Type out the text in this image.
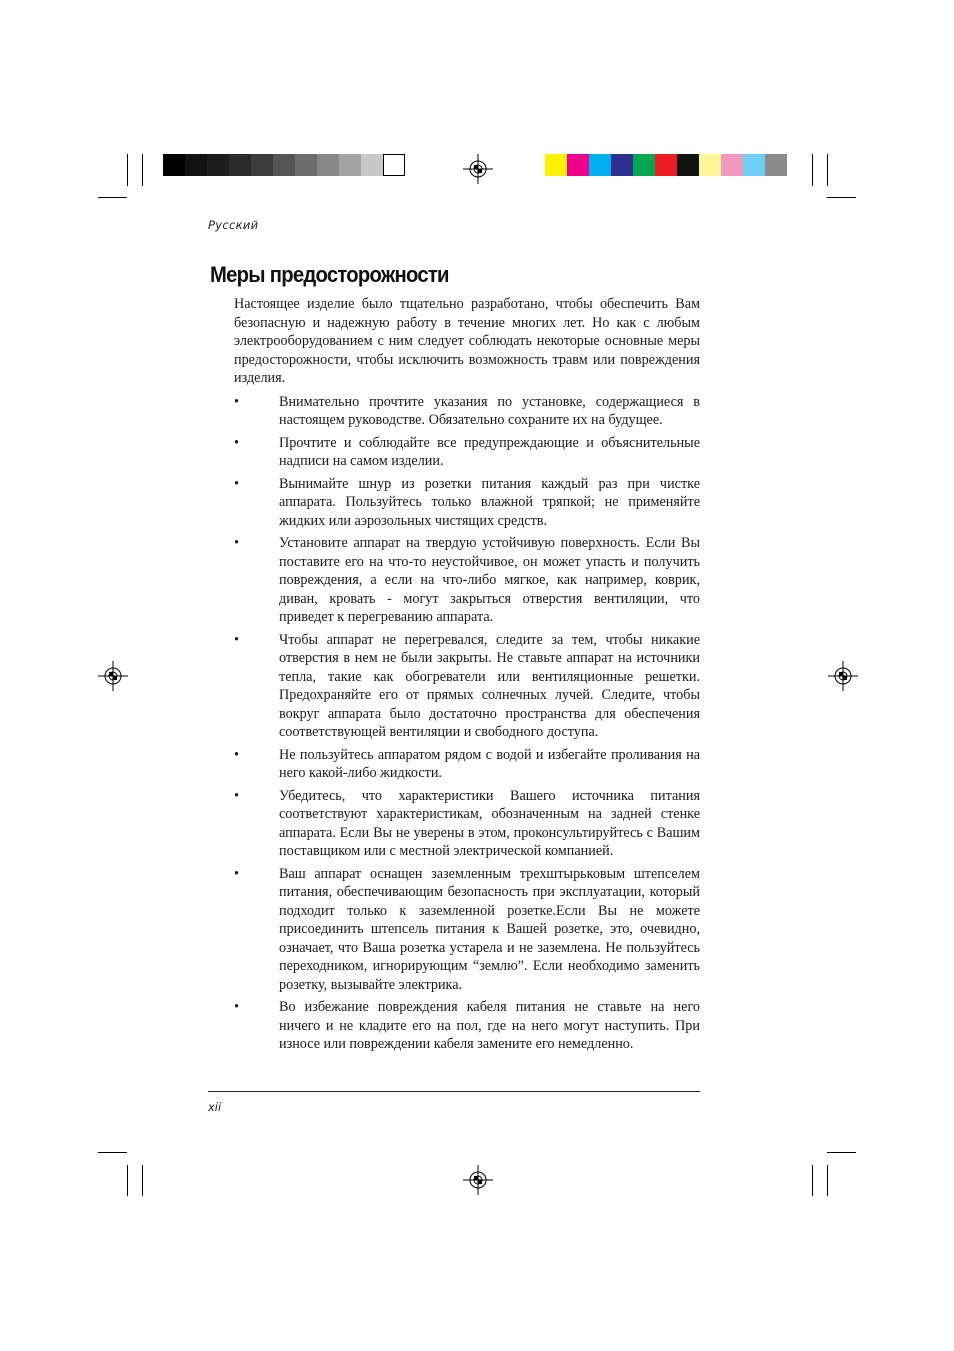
Русский
Меры предосторожности

Настоящее изделие было тщательно разработано, чтобы обеспечить Вам безопасную и надежную работу в течение многих лет. Но как с любым электрооборудованием с ним следует соблюдать некоторые основные меры предосторожности, чтобы исключить возможность травм или повреждения изделия.

•	Внимательно прочтите указания по установке, содержащиеся в настоящем руководстве. Обязательно сохраните их на будущее.
•	Прочтите и соблюдайте все предупреждающие и объяснительные надписи на самом изделии.
•	Вынимайте шнур из розетки питания каждый раз при чистке аппарата. Пользуйтесь только влажной тряпкой; не применяйте жидких или аэрозольных чистящих средств.
•	Установите аппарат на твердую устойчивую поверхность. Если Вы поставите его на что-то неустойчивое, он может упасть и получить повреждения, а если на что-либо мягкое, как например, коврик, диван, кровать - могут закрыться отверстия вентиляции, что приведет к перегреванию аппарата.
•	Чтобы аппарат не перегревался, следите за тем, чтобы никакие отверстия в нем не были закрыты. Не ставьте аппарат на источники тепла, такие как обогреватели или вентиляционные решетки. Предохраняйте его от прямых солнечных лучей. Следите, чтобы вокруг аппарата было достаточно пространства для обеспечения соответствующей вентиляции и свободного доступа.
•	Не пользуйтесь аппаратом рядом с водой и избегайте проливания на него какой-либо жидкости.
•	Убедитесь, что характеристики Вашего источника питания соответствуют характеристикам, обозначенным на задней стенке аппарата. Если Вы не уверены в этом, проконсультируйтесь с Вашим поставщиком или с местной электрической компанией.
•	Ваш аппарат оснащен заземленным трехштырьковым штепселем питания, обеспечивающим безопасность при эксплуатации, который подходит только к заземленной розетке.Если Вы не можете присоединить штепсель питания к Вашей розетке, это, очевидно, означает, что Ваша розетка устарела и не заземлена. Не пользуйтесь переходником, игнорирующим “землю”. Если необходимо заменить розетку, вызывайте электрика.
•	Во избежание повреждения кабеля питания не ставьте на него ничего и не кладите его на пол, где на него могут наступить. При износе или повреждении кабеля замените его немедленно.
xii
